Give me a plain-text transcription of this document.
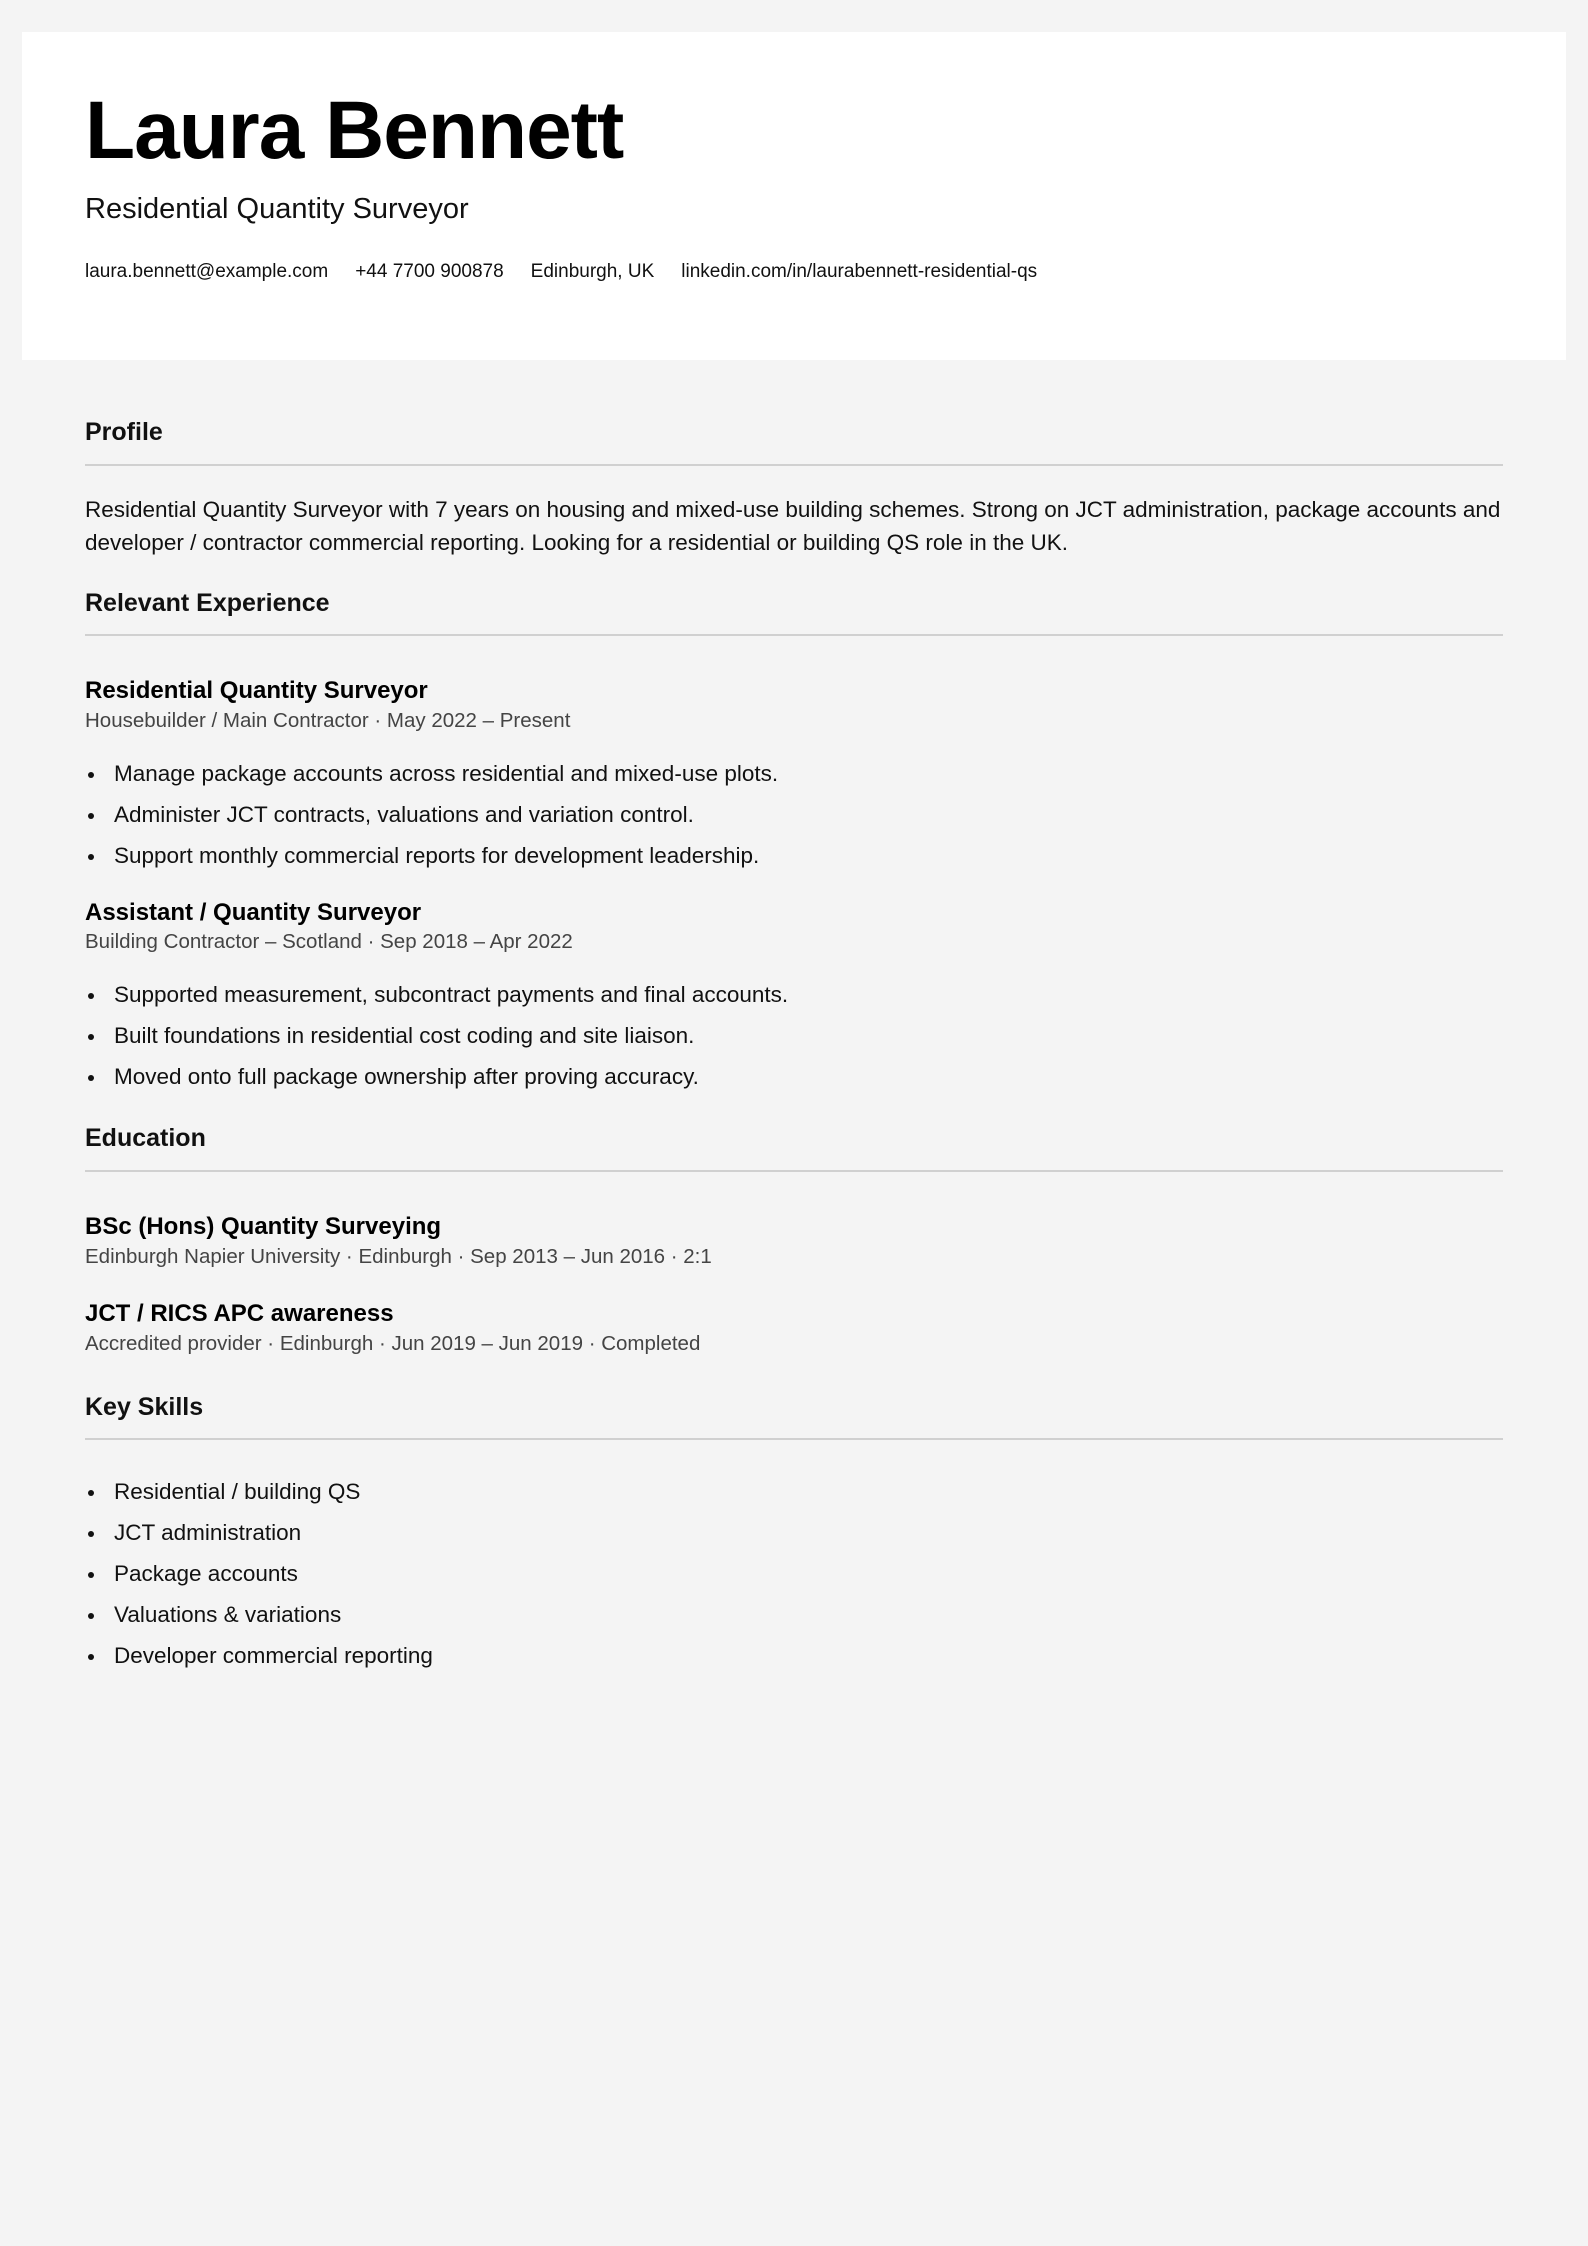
Laura Bennett
Residential Quantity Surveyor
laura.bennett@example.com +44 7700 900878 Edinburgh, UK linkedin.com/in/laurabennett-residential-qs
Profile

Residential Quantity Surveyor with 7 years on housing and mixed-use building schemes. Strong on JCT administration, package accounts and developer / contractor commercial reporting. Looking for a residential or building QS role in the UK.

Relevant Experience
Residential Quantity Surveyor
Housebuilder / Main Contractor · May 2022 – Present
Manage package accounts across residential and mixed-use plots.
Administer JCT contracts, valuations and variation control.
Support monthly commercial reports for development leadership.
Assistant / Quantity Surveyor
Building Contractor – Scotland · Sep 2018 – Apr 2022
Supported measurement, subcontract payments and final accounts.
Built foundations in residential cost coding and site liaison.
Moved onto full package ownership after proving accuracy.
Education
BSc (Hons) Quantity Surveying
Edinburgh Napier University · Edinburgh · Sep 2013 – Jun 2016 · 2:1
JCT / RICS APC awareness
Accredited provider · Edinburgh · Jun 2019 – Jun 2019 · Completed
Key Skills
Residential / building QS
JCT administration
Package accounts
Valuations & variations
Developer commercial reporting
